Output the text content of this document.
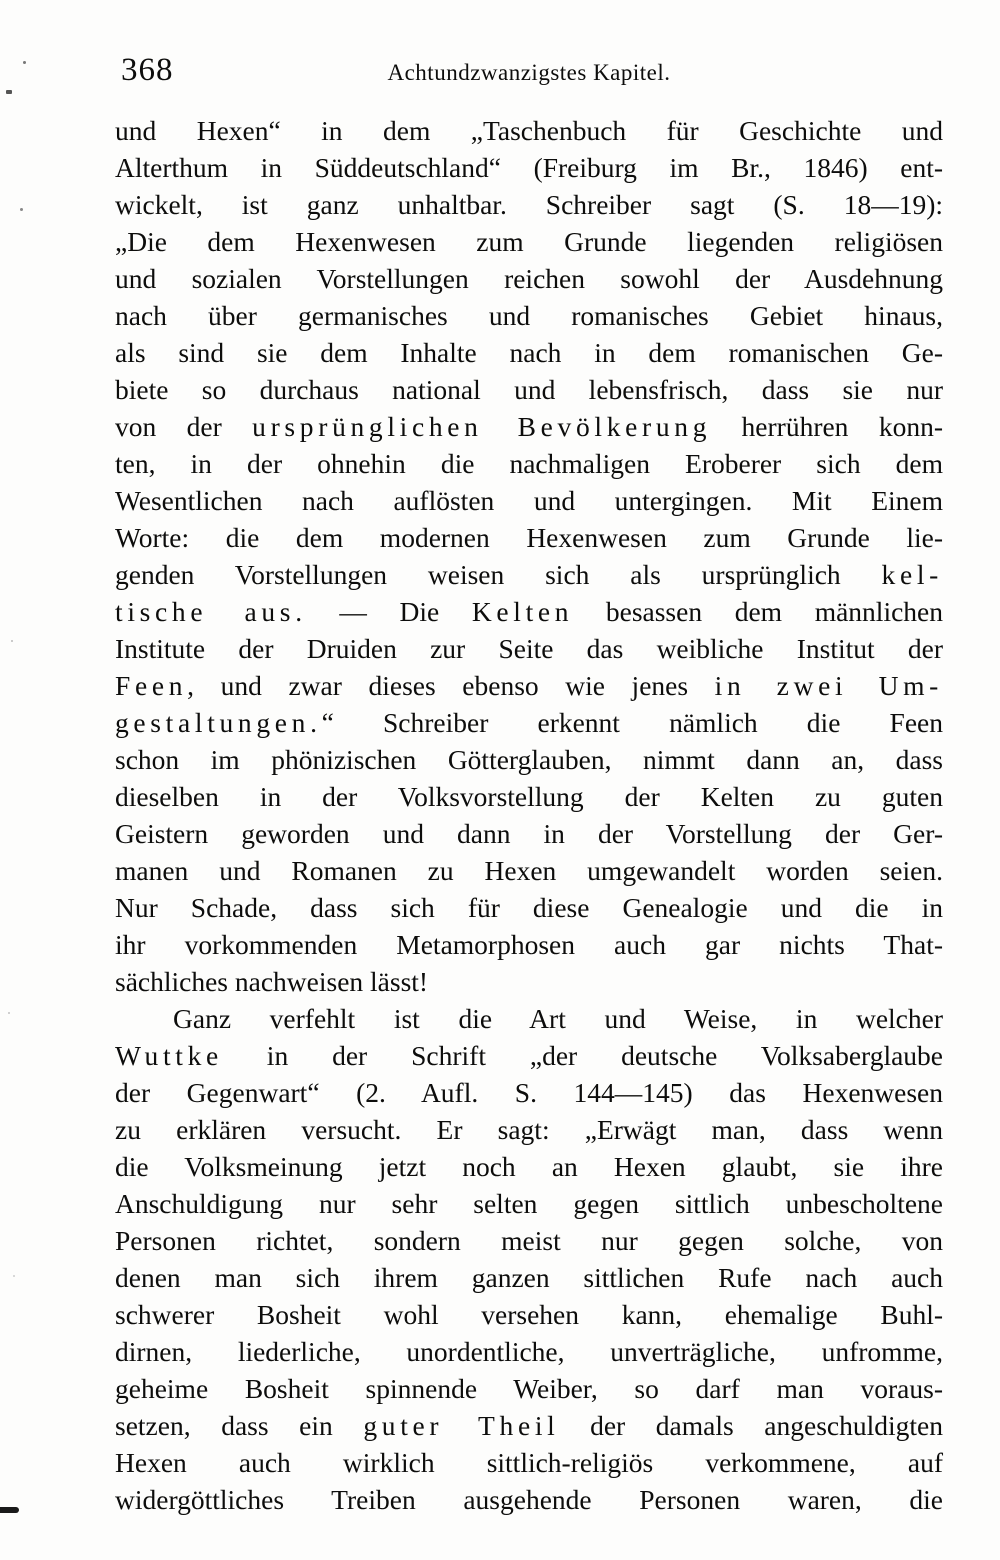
368	Achtundzwanzigstes Kapitel.
und Hexen“ in dem „Taschenbuch für Geschichte und
Alterthum in Süddeutschland“ (Freiburg im Br., 1846) ent-
wickelt, ist ganz unhaltbar. Schreiber sagt (S. 18—19):
„Die dem Hexenwesen zum Grunde liegenden religiösen
und sozialen Vorstellungen reichen sowohl der Ausdehnung
nach über germanisches und romanisches Gebiet hinaus,
als sind sie dem Inhalte nach in dem romanischen Ge-
biete so durchaus national und lebensfrisch, dass sie nur
von der ursprünglichen Bevölkerung herrühren konn-
ten, in der ohnehin die nachmaligen Eroberer sich dem
Wesentlichen nach auflösten und untergingen. Mit Einem
Worte: die dem modernen Hexenwesen zum Grunde lie-
genden Vorstellungen weisen sich als ursprünglich kel-
tische aus. — Die Kelten besassen dem männlichen
Institute der Druiden zur Seite das weibliche Institut der
Feen, und zwar dieses ebenso wie jenes in zwei Um-
gestaltungen.“ Schreiber erkennt nämlich die Feen
schon im phönizischen Götterglauben, nimmt dann an, dass
dieselben in der Volksvorstellung der Kelten zu guten
Geistern geworden und dann in der Vorstellung der Ger-
manen und Romanen zu Hexen umgewandelt worden seien.
Nur Schade, dass sich für diese Genealogie und die in
ihr vorkommenden Metamorphosen auch gar nichts That-
sächliches nachweisen lässt!
Ganz verfehlt ist die Art und Weise, in welcher
Wuttke in der Schrift „der deutsche Volksaberglaube
der Gegenwart“ (2. Aufl. S. 144—145) das Hexenwesen
zu erklären versucht. Er sagt: „Erwägt man, dass wenn
die Volksmeinung jetzt noch an Hexen glaubt, sie ihre
Anschuldigung nur sehr selten gegen sittlich unbescholtene
Personen richtet, sondern meist nur gegen solche, von
denen man sich ihrem ganzen sittlichen Rufe nach auch
schwerer Bosheit wohl versehen kann, ehemalige Buhl-
dirnen, liederliche, unordentliche, unverträgliche, unfromme,
geheime Bosheit spinnende Weiber, so darf man voraus-
setzen, dass ein guter Theil der damals angeschuldigten
Hexen auch wirklich sittlich-religiös verkommene, auf
widergöttliches Treiben ausgehende Personen waren, die
